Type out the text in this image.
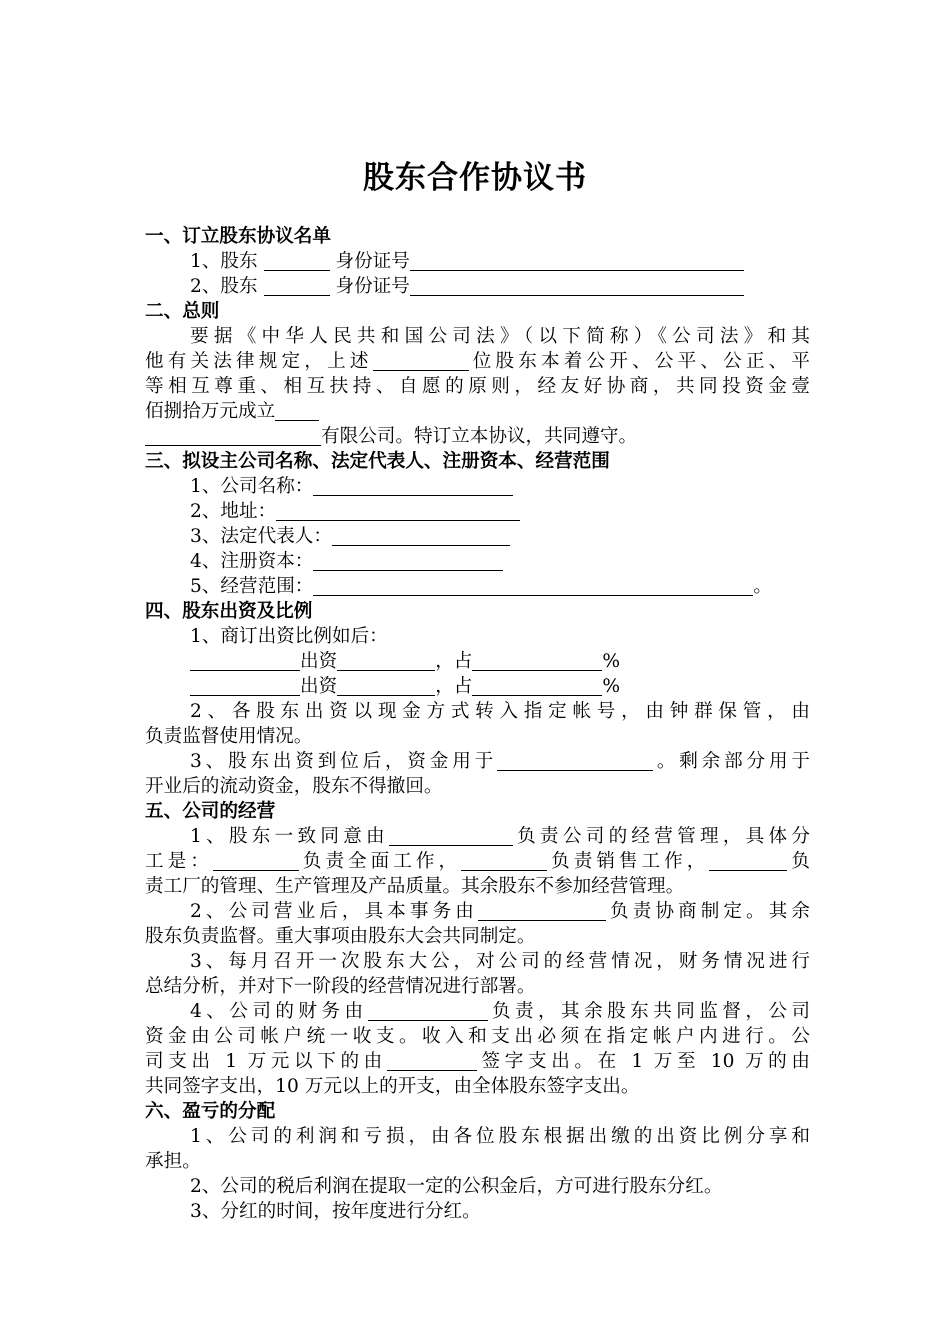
股东合作协议书
一、订立股东协议名单
1、股东	身份证号
2、股东	身份证号
二、总则
要据《中华人民共和国公司法》（以下简称）《公司法》和其
他有关法律规定，上述	位股东本着公开、公平、公正、平
等相互尊重、相互扶持、自愿的原则，经友好协商，共同投资金壹
佰捌拾万元成立
有限公司。特订立本协议，共同遵守。
三、拟设主公司名称、法定代表人、注册资本、经营范围
1、公司名称：
2、地址：
3、法定代表人：
4、注册资本：
5、经营范围：	。
四、股东出资及比例
1、商订出资比例如后：
出资	，占	%
出资	，占	%
2、各股东出资以现金方式转入指定帐号，由钟群保管，由
负责监督使用情况。
3、股东出资到位后，资金用于	。剩余部分用于
开业后的流动资金，股东不得撤回。
五、公司的经营
1、股东一致同意由	负责公司的经营管理，具体分
工是：	负责全面工作，	负责销售工作，	负
责工厂的管理、生产管理及产品质量。其余股东不参加经营管理。
2、公司营业后，具本事务由	负责协商制定。其余
股东负责监督。重大事项由股东大会共同制定。
3、每月召开一次股东大公，对公司的经营情况，财务情况进行
总结分析，并对下一阶段的经营情况进行部署。
4、公司的财务由	负责，其余股东共同监督，公司
资金由公司帐户统一收支。收入和支出必须在指定帐户内进行。公
司支出 1 万元以下的由	签字支出。在 1 万至 10 万的由
共同签字支出，10 万元以上的开支，由全体股东签字支出。
六、盈亏的分配
1、公司的利润和亏损，由各位股东根据出缴的出资比例分享和
承担。
2、公司的税后利润在提取一定的公积金后，方可进行股东分红。
3、分红的时间，按年度进行分红。
